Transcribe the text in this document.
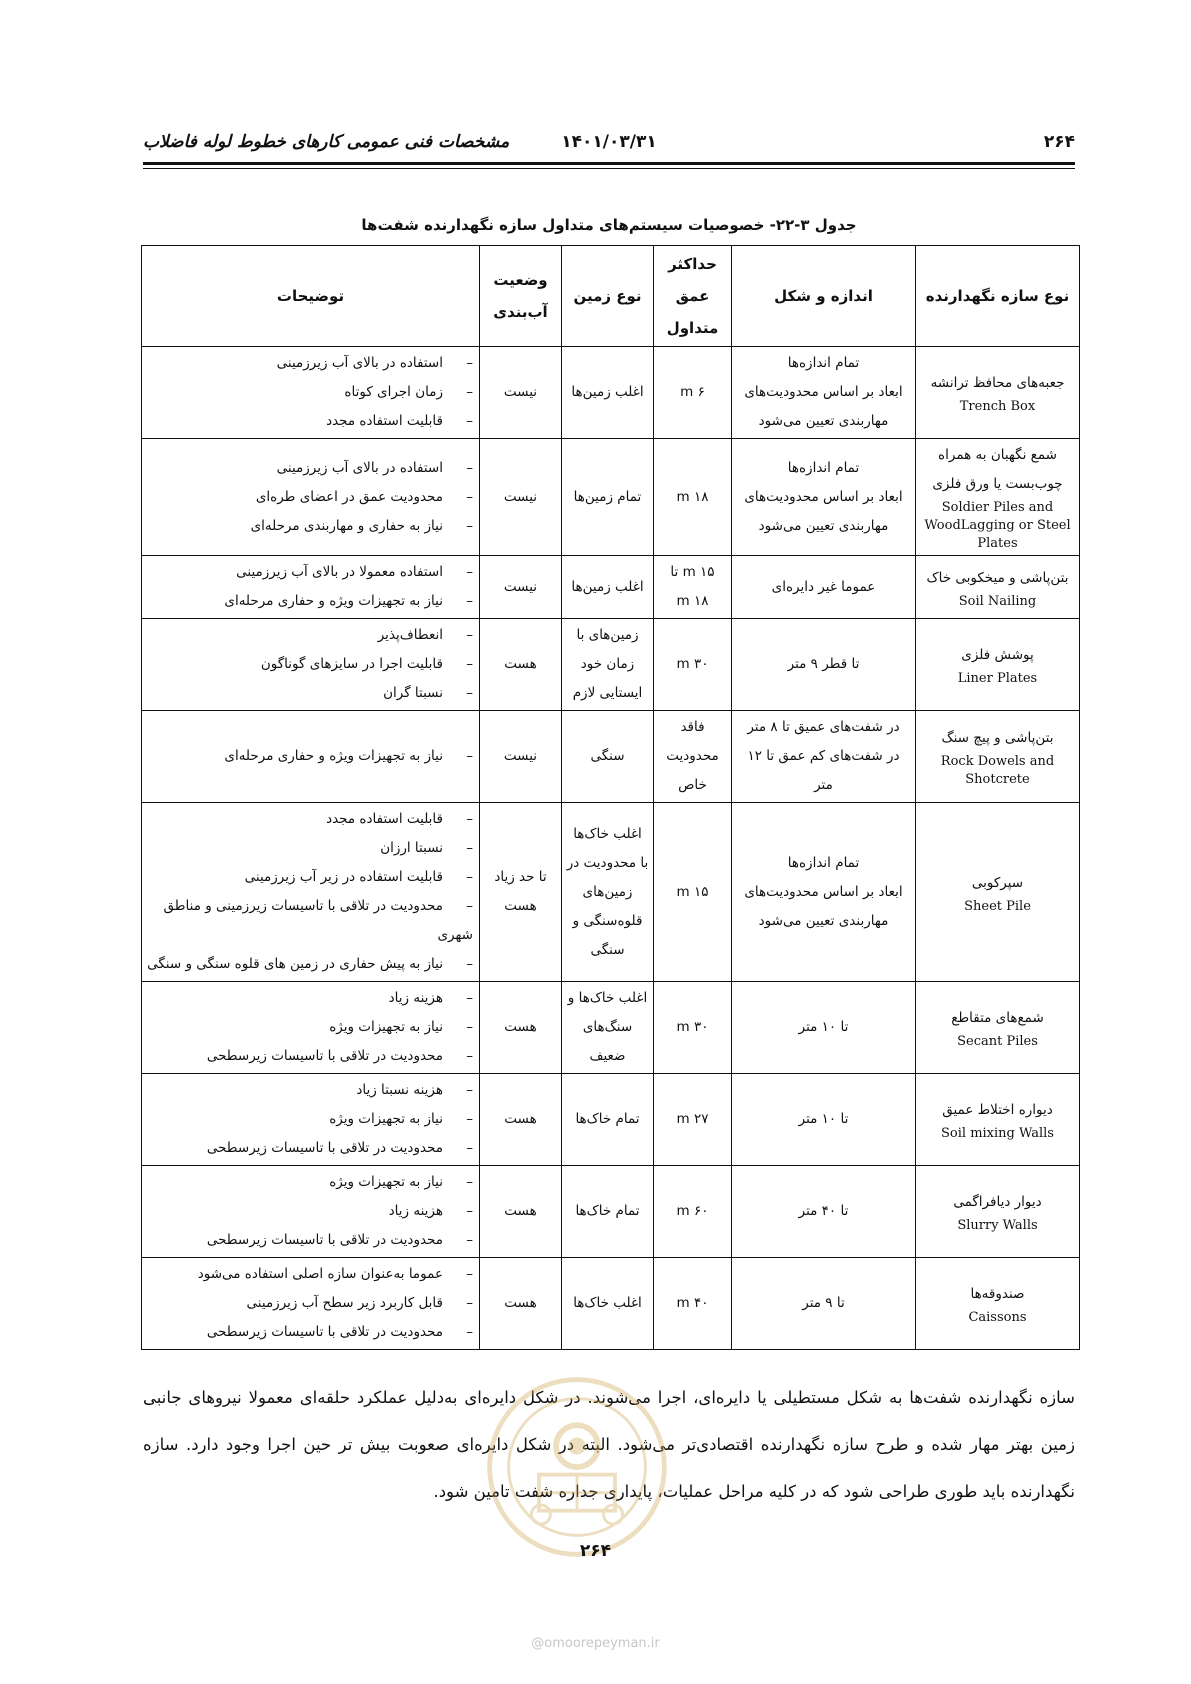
۲۶۴
۱۴۰۱/۰۳/۳۱
مشخصات فنی عمومی کارهای خطوط لوله فاضلاب
جدول ۳-۲۲- خصوصیات سیستم‌های متداول سازه نگهدارنده شفت‌ها
نوع سازه نگهدارنده	اندازه و شکل	حداکثر
عمق
متداول	نوع زمین	وضعیت
آب‌بندی	توضیحات

جعبه‌های محافظ ترانشه
Trench Box	تمام اندازه‌ها
ابعاد بر اساس محدودیت‌های
مهاربندی تعیین می‌شود	۶ m	اغلب زمین‌ها	نیست	– استفاده در بالای آب زیرزمینی
– زمان اجرای کوتاه
– قابلیت استفاده مجدد

شمع نگهبان به همراه چوب‌بست یا ورق فلزی
Soldier Piles and WoodLagging or Steel Plates	تمام اندازه‌ها
ابعاد بر اساس محدودیت‌های
مهاربندی تعیین می‌شود	۱۸ m	تمام زمین‌ها	نیست	– استفاده در بالای آب زیرزمینی
– محدودیت عمق در اعضای طره‌ای
– نیاز به حفاری و مهاربندی مرحله‌ای

بتن‌پاشی و میخکوبی خاک
Soil Nailing	عموما غیر دایره‌ای	۱۵ m تا
۱۸ m	اغلب زمین‌ها	نیست	– استفاده معمولا در بالای آب زیرزمینی
– نیاز به تجهیزات ویژه و حفاری مرحله‌ای

پوشش فلزی
Liner Plates	تا قطر ۹ متر	۳۰ m	زمین‌های با
زمان خود
ایستایی لازم	هست	– انعطاف‌پذیر
– قابلیت اجرا در سایزهای گوناگون
– نسبتا گران

بتن‌پاشی و پیچ سنگ
Rock Dowels and Shotcrete	در شفت‌های عمیق تا ۸ متر
در شفت‌های کم عمق تا ۱۲
متر	فاقد
محدودیت
خاص	سنگی	نیست	– نیاز به تجهیزات ویژه و حفاری مرحله‌ای

سپرکوبی
Sheet Pile	تمام اندازه‌ها
ابعاد بر اساس محدودیت‌های
مهاربندی تعیین می‌شود	۱۵ m	اغلب خاک‌ها
با محدودیت در
زمین‌های
قلوه‌سنگی و
سنگی	تا حد زیاد
هست	– قابلیت استفاده مجدد
– نسبتا ارزان
– قابلیت استفاده در زیر آب زیرزمینی
– محدودیت در تلاقی با تاسیسات زیرزمینی و مناطق شهری
– نیاز به پیش حفاری در زمین های قلوه سنگی و سنگی

شمع‌های متقاطع
Secant Piles	تا ۱۰ متر	۳۰ m	اغلب خاک‌ها و
سنگ‌های
ضعیف	هست	– هزینه زیاد
– نیاز به تجهیزات ویژه
– محدودیت در تلاقی با تاسیسات زیرسطحی

دیواره اختلاط عمیق
Soil mixing Walls	تا ۱۰ متر	۲۷ m	تمام خاک‌ها	هست	– هزینه نسبتا زیاد
– نیاز به تجهیزات ویژه
– محدودیت در تلاقی با تاسیسات زیرسطحی

دیوار دیافراگمی
Slurry Walls	تا ۴۰ متر	۶۰ m	تمام خاک‌ها	هست	– نیاز به تجهیزات ویژه
– هزینه زیاد
– محدودیت در تلاقی با تاسیسات زیرسطحی

صندوقه‌ها
Caissons	تا ۹ متر	۴۰ m	اغلب خاک‌ها	هست	– عموما به‌عنوان سازه اصلی استفاده می‌شود
– قابل کاربرد زیر سطح آب زیرزمینی
– محدودیت در تلاقی با تاسیسات زیرسطحی
سازه نگهدارنده شفت‌ها به شکل مستطیلی یا دایره‌ای، اجرا می‌شوند. در شکل دایره‌ای به‌دلیل عملکرد حلقه‌ای معمولا نیروهای جانبی زمین بهتر مهار شده و طرح سازه نگهدارنده اقتصادی‌تر می‌شود. البته در شکل دایره‌ای صعوبت بیش تر حین اجرا وجود دارد. سازه نگهدارنده باید طوری طراحی شود که در کلیه مراحل عملیات، پایداری جداره شفت تامین شود.
۲۶۴
@omoorepeyman.ir
